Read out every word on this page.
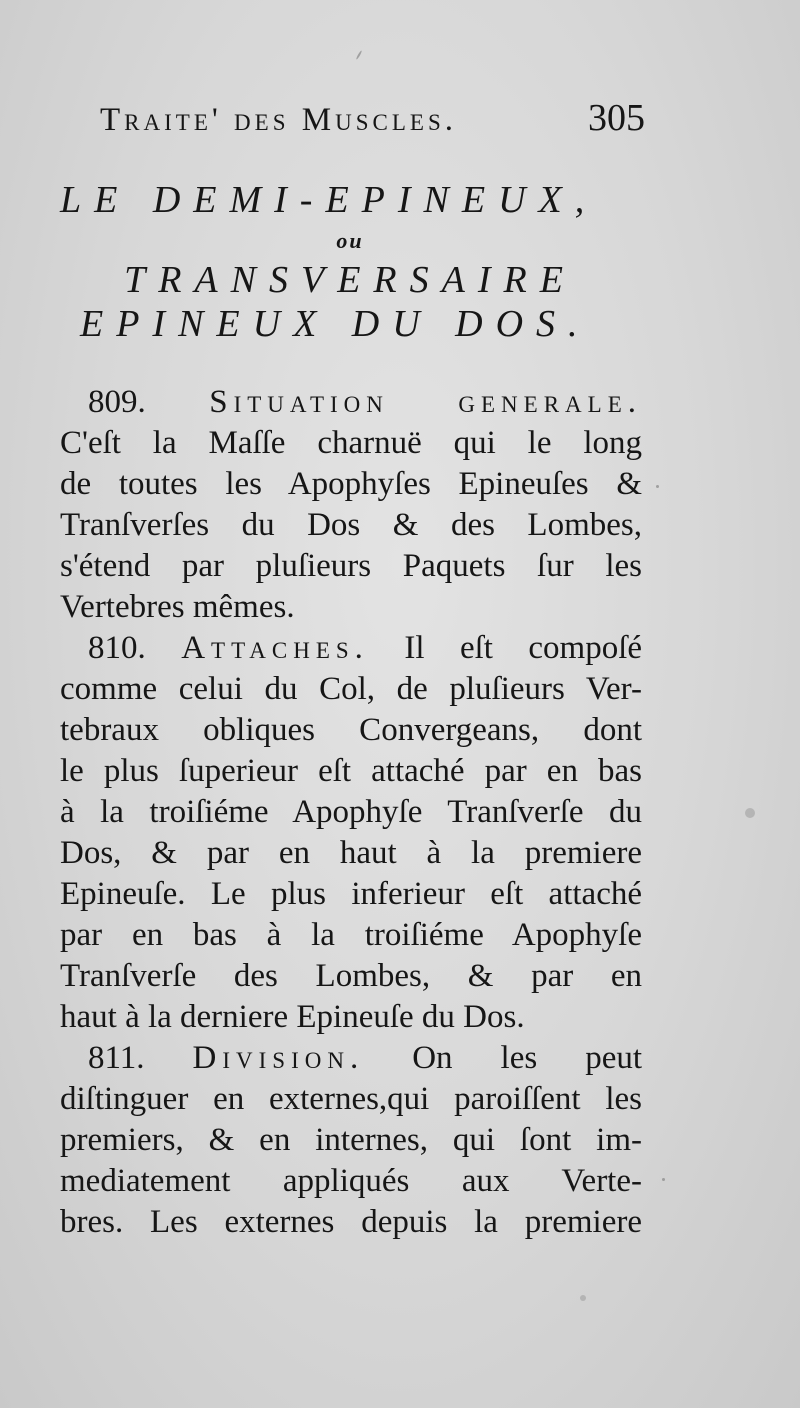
Traite' des Muscles.	305
LE DEMI-EPINEUX,
ou
TRANSVERSAIRE
EPINEUX DU DOS.
809. Situation generale.
C'eſt la Maſſe charnuë qui le long
de toutes les Apophyſes Epineuſes &
Tranſverſes du Dos & des Lombes,
s'étend par pluſieurs Paquets ſur les
Vertebres mêmes.
810. Attaches. Il eſt compoſé
comme celui du Col, de pluſieurs Ver-
tebraux obliques Convergeans, dont
le plus ſuperieur eſt attaché par en bas
à la troiſiéme Apophyſe Tranſverſe du
Dos, & par en haut à la premiere
Epineuſe. Le plus inferieur eſt attaché
par en bas à la troiſiéme Apophyſe
Tranſverſe des Lombes, & par en
haut à la derniere Epineuſe du Dos.
811. Division. On les peut
diſtinguer en externes,qui paroiſſent les
premiers, & en internes, qui ſont im-
mediatement appliqués aux Verte-
bres. Les externes depuis la premiere
